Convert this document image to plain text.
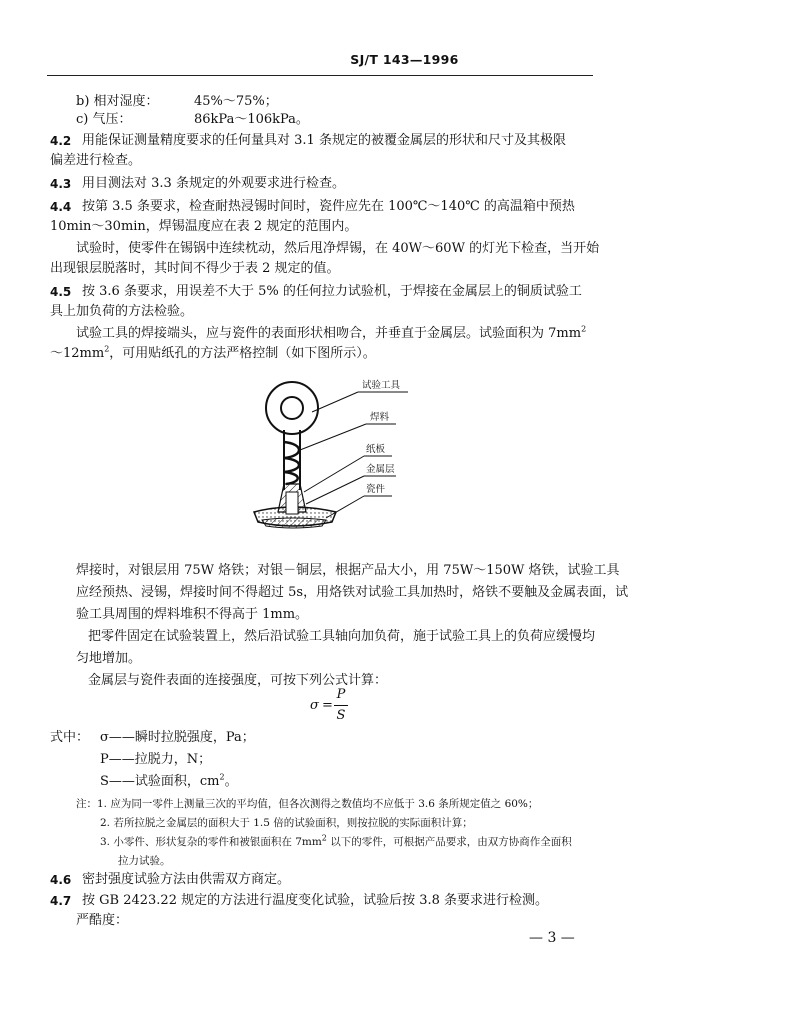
SJ/T 143—1996
b) 相对湿度：	45%～75%；
c) 气压：	86kPa～106kPa。
4.2 用能保证测量精度要求的任何量具对 3.1 条规定的被覆金属层的形状和尺寸及其极限
偏差进行检查。
4.3 用目测法对 3.3 条规定的外观要求进行检查。
4.4 按第 3.5 条要求，检查耐热浸锡时间时，瓷件应先在 100℃～140℃ 的高温箱中预热
10min～30min，焊锡温度应在表 2 规定的范围内。
试验时，使零件在锡锅中连续枕动，然后甩净焊锡，在 40W～60W 的灯光下检查，当开始
出现银层脱落时，其时间不得少于表 2 规定的值。
4.5 按 3.6 条要求，用误差不大于 5% 的任何拉力试验机，于焊接在金属层上的铜质试验工
具上加负荷的方法检验。
试验工具的焊接端头，应与瓷件的表面形状相吻合，并垂直于金属层。试验面积为 $7mm^2$
$\sim 12mm^2$，可用贴纸孔的方法严格控制（如下图所示）。
试验工具
焊料
纸板
金属层
瓷件
焊接时，对银层用 75W 烙铁；对银－铜层，根据产品大小，用 75W～150W 烙铁，试验工具
应经预热、浸锡，焊接时间不得超过 5s，用烙铁对试验工具加热时，烙铁不要触及金属表面，试
验工具周围的焊料堆积不得高于 1mm。
把零件固定在试验装置上，然后沿试验工具轴向加负荷，施于试验工具上的负荷应缓慢均
匀地增加。
金属层与瓷件表面的连接强度，可按下列公式计算：
σ =
P
S
式中： σ——瞬时拉脱强度，Pa；
P——拉脱力，N；
S——试验面积，$cm^2$。
注：1. 应为同一零件上测量三次的平均值，但各次测得之数值均不应低于 3.6 条所规定值之 60%；
2. 若所拉脱之金属层的面积大于 1.5 倍的试验面积，则按拉脱的实际面积计算；
3. 小零件、形状复杂的零件和被银面积在 $7mm^2$ 以下的零件，可根据产品要求，由双方协商作全面积
拉力试验。
4.6 密封强度试验方法由供需双方商定。
4.7 按 GB 2423.22 规定的方法进行温度变化试验，试验后按 3.8 条要求进行检测。
严酷度：
— 3 —
